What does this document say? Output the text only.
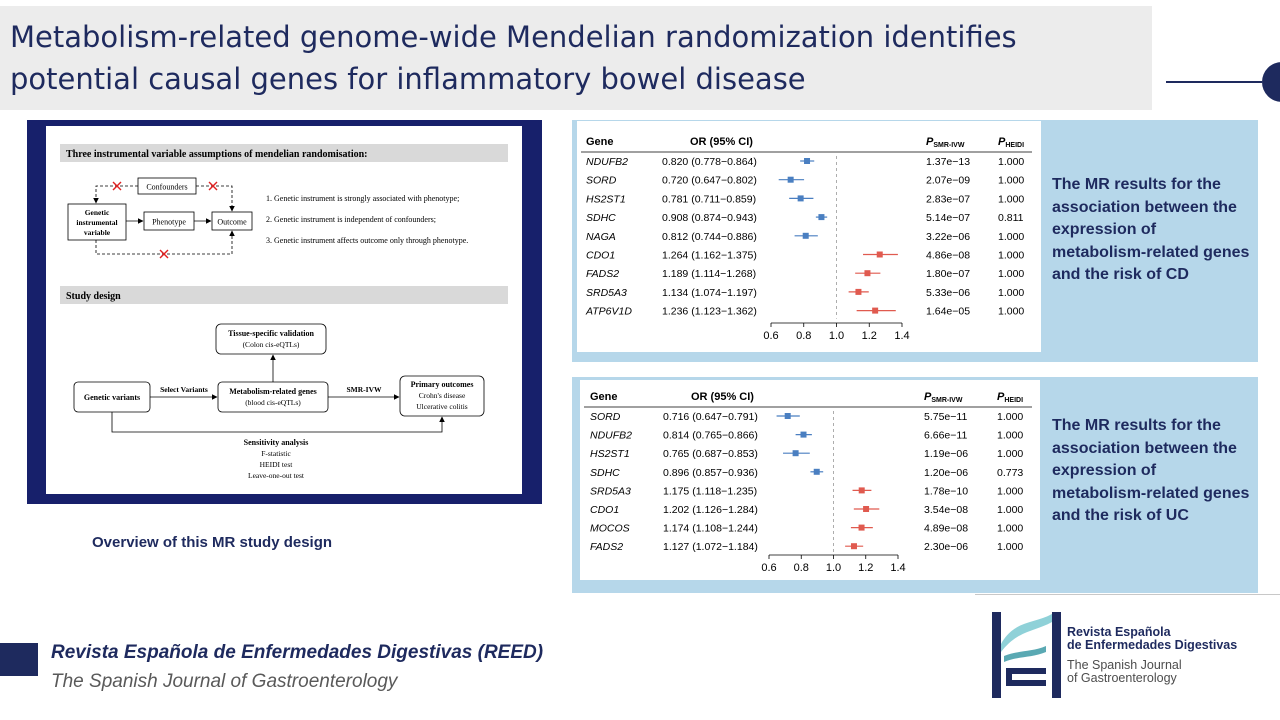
Metabolism-related genome-wide Mendelian randomization identifies
potential causal genes for inflammatory bowel disease
Three instrumental variable assumptions of mendelian randomisation:
Confounders
Genetic
instrumental
variable
Phenotype	Outcome
1. Genetic instrument is strongly associated with phenotype;
2. Genetic instrument is independent of confounders;
3. Genetic instrument affects outcome only through phenotype.
Study design
Tissue-specific validation
(Colon cis-eQTLs)
Genetic variants
Metabolism-related genes
(blood cis-eQTLs)
Primary outcomes
Crohn's disease
Ulcerative colitis
Select Variants	SMR-IVW
Sensitivity analysis
F-statistic
HEIDI test
Leave-one-out test
Overview of this MR study design
Gene	OR (95% CI)	PSMR-IVW	PHEIDI
NDUFB2	0.820 (0.778−0.864)	1.37e−13	1.000
SORD	0.720 (0.647−0.802)	2.07e−09	1.000
HS2ST1	0.781 (0.711−0.859)	2.83e−07	1.000
SDHC	0.908 (0.874−0.943)	5.14e−07	0.811
NAGA	0.812 (0.744−0.886)	3.22e−06	1.000
CDO1	1.264 (1.162−1.375)	4.86e−08	1.000
FADS2	1.189 (1.114−1.268)	1.80e−07	1.000
SRD5A3	1.134 (1.074−1.197)	5.33e−06	1.000
ATP6V1D	1.236 (1.123−1.362)	1.64e−05	1.000
0.6 0.8 1.0 1.2 1.4
The MR results for the association between the expression of metabolism-related genes and the risk of CD
Gene	OR (95% CI)	PSMR-IVW	PHEIDI
SORD	0.716 (0.647−0.791)	5.75e−11	1.000
NDUFB2	0.814 (0.765−0.866)	6.66e−11	1.000
HS2ST1	0.765 (0.687−0.853)	1.19e−06	1.000
SDHC	0.896 (0.857−0.936)	1.20e−06	0.773
SRD5A3	1.175 (1.118−1.235)	1.78e−10	1.000
CDO1	1.202 (1.126−1.284)	3.54e−08	1.000
MOCOS	1.174 (1.108−1.244)	4.89e−08	1.000
FADS2	1.127 (1.072−1.184)	2.30e−06	1.000
0.6 0.8 1.0 1.2 1.4
The MR results for the association between the expression of metabolism-related genes and the risk of UC
Revista Española de Enfermedades Digestivas (REED)
The Spanish Journal of Gastroenterology
Revista Española
de Enfermedades Digestivas
The Spanish Journal
of Gastroenterology
